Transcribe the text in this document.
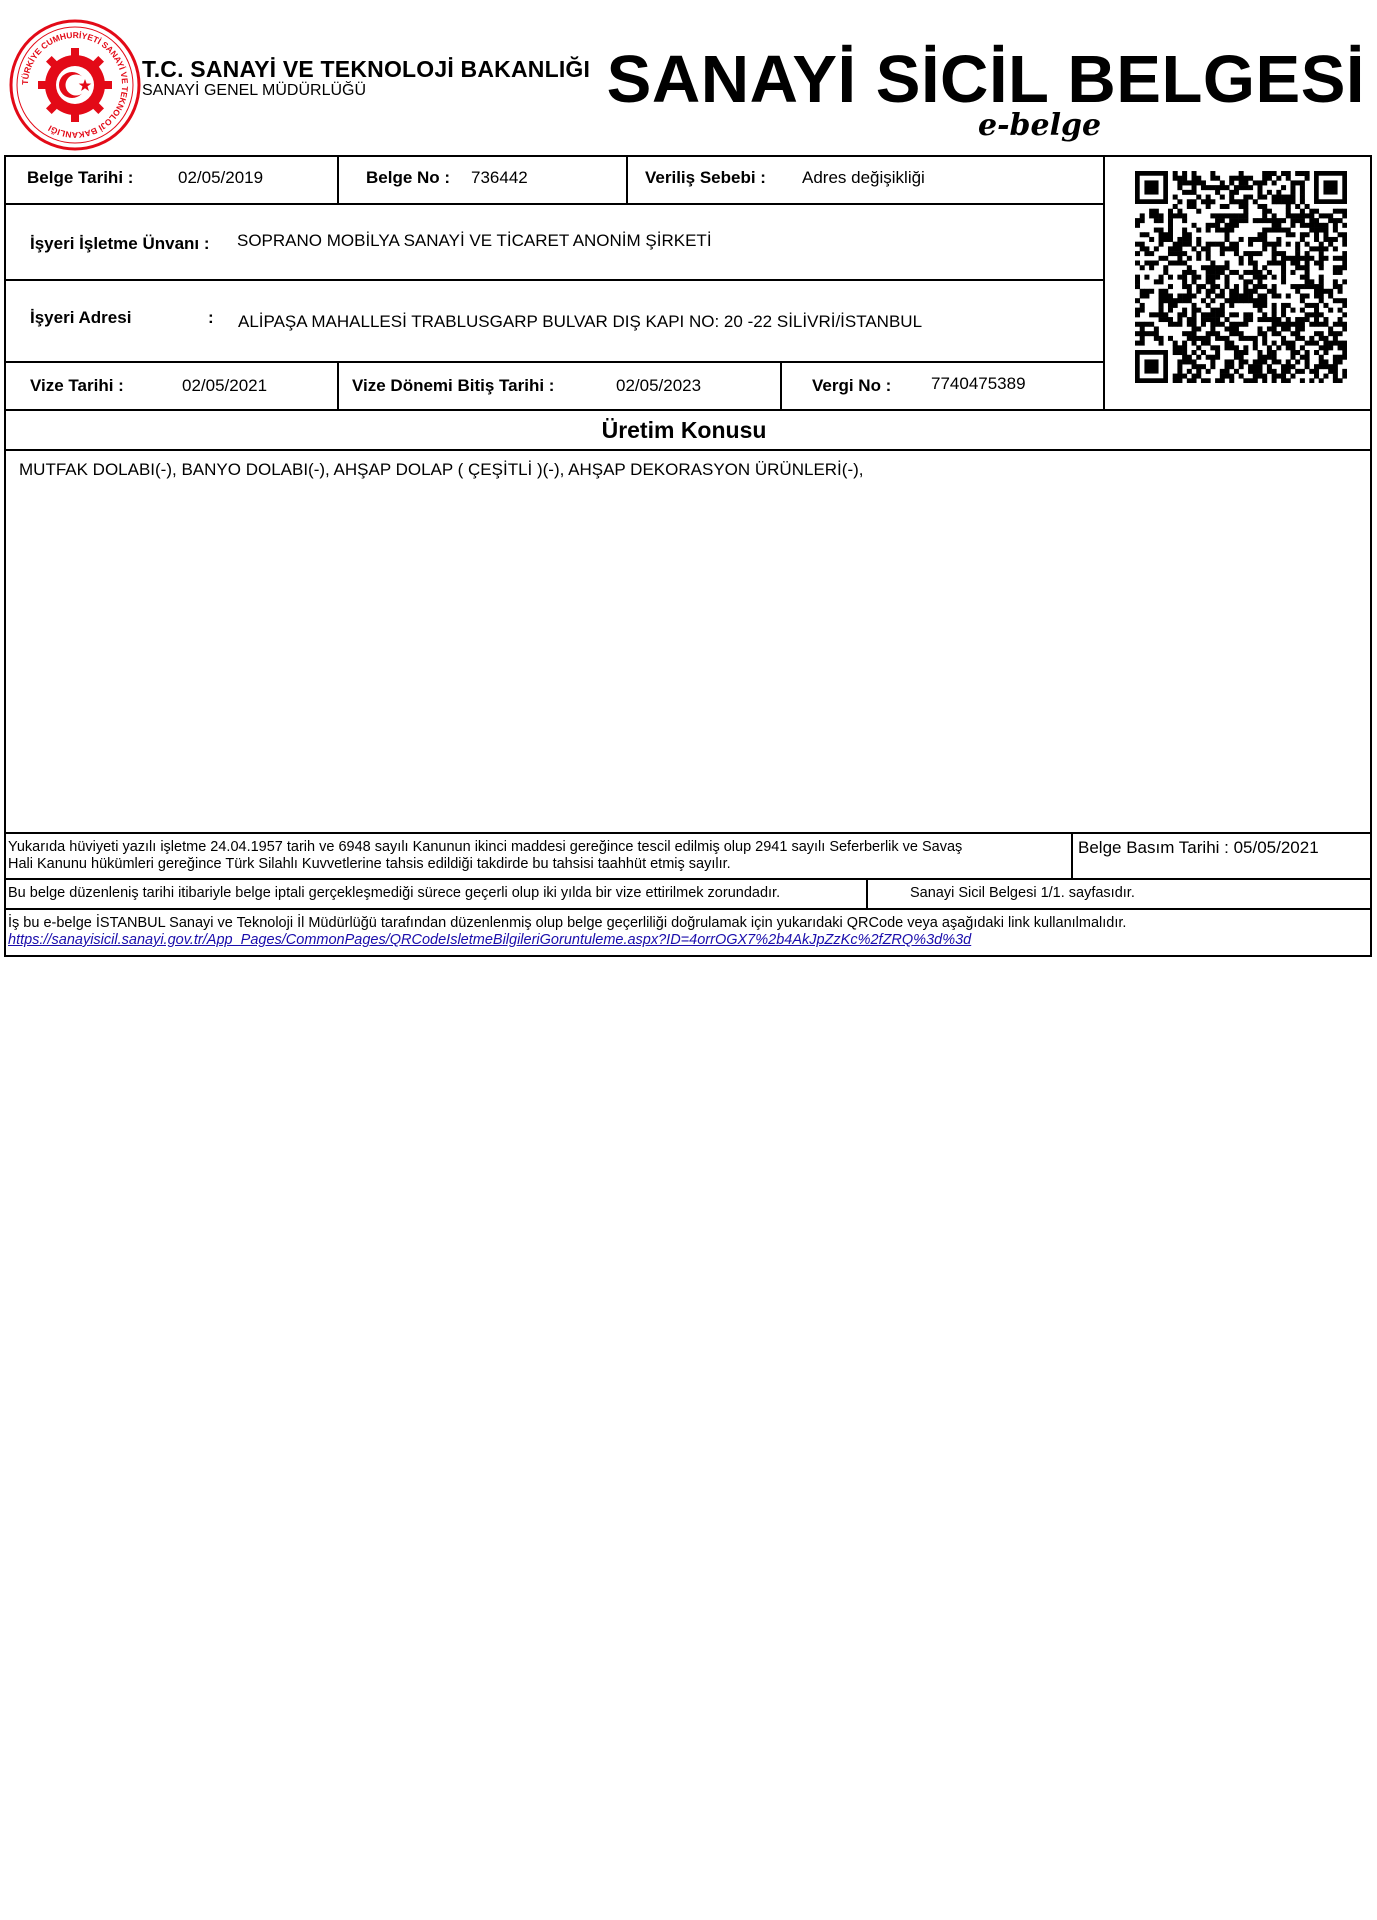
TÜRKİYE CUMHURİYETİ SANAYİ VE TEKNOLOJİ BAKANLIĞI
T.C. SANAYİ VE TEKNOLOJİ BAKANLIĞI
SANAYİ GENEL MÜDÜRLÜĞÜ	SANAYİ SİCİL BELGESİ
e-belge
Belge Tarihi :	02/05/2019	Belge No : 736442	Veriliş Sebebi : Adres değişikliği
İşyeri İşletme Ünvanı : SOPRANO MOBİLYA SANAYİ VE TİCARET ANONİM ŞİRKETİ
İşyeri Adresi	: ALİPAŞA MAHALLESİ TRABLUSGARP BULVAR DIŞ KAPI NO: 20 -22 SİLİVRİ/İSTANBUL
Vize Tarihi :	02/05/2021	Vize Dönemi Bitiş Tarihi :	02/05/2023	Vergi No : 7740475389
Üretim Konusu
MUTFAK DOLABI(-), BANYO DOLABI(-), AHŞAP DOLAP ( ÇEŞİTLİ )(-), AHŞAP DEKORASYON ÜRÜNLERİ(-),
Yukarıda hüviyeti yazılı işletme 24.04.1957 tarih ve 6948 sayılı Kanunun ikinci maddesi gereğince tescil edilmiş olup 2941 sayılı Seferberlik ve Savaş
Hali Kanunu hükümleri gereğince Türk Silahlı Kuvvetlerine tahsis edildiği takdirde bu tahsisi taahhüt etmiş sayılır.
Belge Basım Tarihi : 05/05/2021
Bu belge düzenleniş tarihi itibariyle belge iptali gerçekleşmediği sürece geçerli olup iki yılda bir vize ettirilmek zorundadır.	Sanayi Sicil Belgesi 1/1. sayfasıdır.
İş bu e-belge İSTANBUL Sanayi ve Teknoloji İl Müdürlüğü tarafından düzenlenmiş olup belge geçerliliği doğrulamak için yukarıdaki QRCode veya aşağıdaki link kullanılmalıdır.
https://sanayisicil.sanayi.gov.tr/App_Pages/CommonPages/QRCodeIsletmeBilgileriGoruntuleme.aspx?ID=4orrOGX7%2b4AkJpZzKc%2fZRQ%3d%3d
